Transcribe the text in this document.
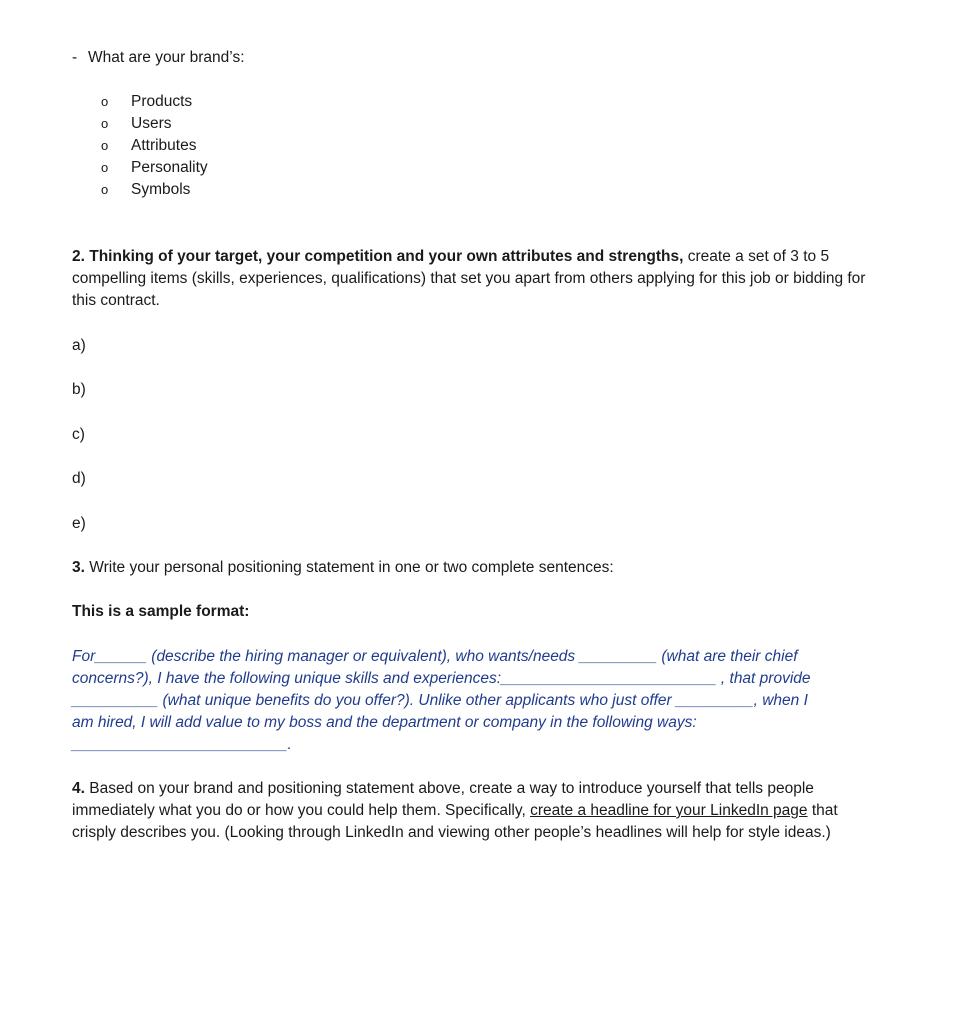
- What are your brand’s:
o Products
o Users
o Attributes
o Personality
o Symbols
2. Thinking of your target, your competition and your own attributes and strengths, create a set of 3 to 5 compelling items (skills, experiences, qualifications) that set you apart from others applying for this job or bidding for this contract.
a)
b)
c)
d)
e)
3. Write your personal positioning statement in one or two complete sentences:
This is a sample format:
For______ (describe the hiring manager or equivalent), who wants/needs _________ (what are their chief
concerns?), I have the following unique skills and experiences:_________________________ , that provide
__________ (what unique benefits do you offer?). Unlike other applicants who just offer _________, when I
am hired, I will add value to my boss and the department or company in the following ways:
_________________________.
4. Based on your brand and positioning statement above, create a way to introduce yourself that tells people immediately what you do or how you could help them. Specifically, create a headline for your LinkedIn page that crisply describes you. (Looking through LinkedIn and viewing other people’s headlines will help for style ideas.)
